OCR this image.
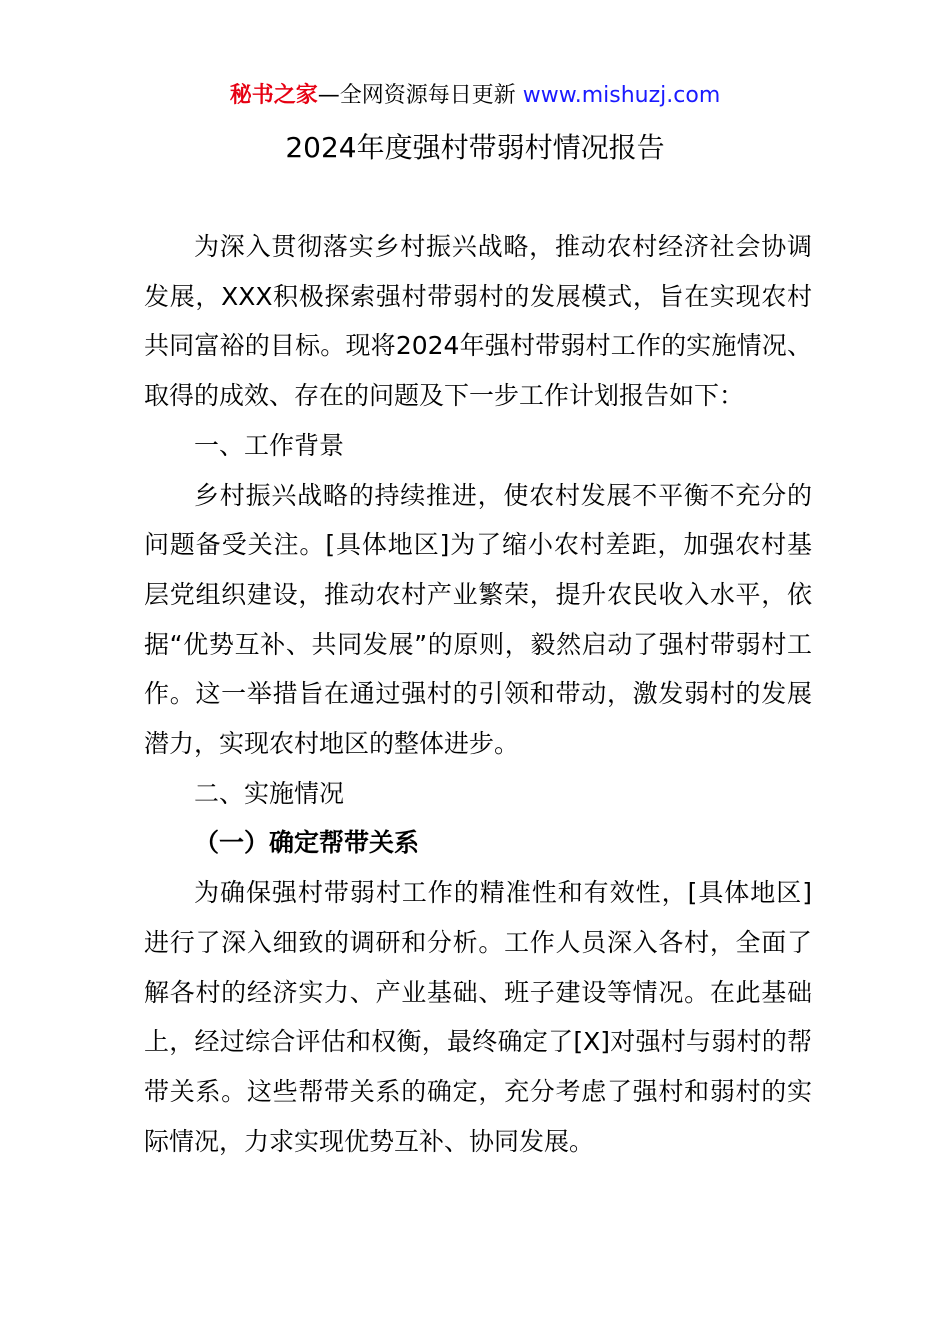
秘书之家—全网资源每日更新 www.mishuzj.com
2024年度强村带弱村情况报告

为深入贯彻落实乡村振兴战略，推动农村经济社会协调发展，XXX积极探索强村带弱村的发展模式，旨在实现农村共同富裕的目标。现将2024年强村带弱村工作的实施情况、取得的成效、存在的问题及下一步工作计划报告如下：

一、工作背景

乡村振兴战略的持续推进，使农村发展不平衡不充分的问题备受关注。[具体地区]为了缩小农村差距，加强农村基层党组织建设，推动农村产业繁荣，提升农民收入水平，依据“优势互补、共同发展”的原则，毅然启动了强村带弱村工作。这一举措旨在通过强村的引领和带动，激发弱村的发展潜力，实现农村地区的整体进步。

二、实施情况

（一）确定帮带关系

为确保强村带弱村工作的精准性和有效性，[具体地区]进行了深入细致的调研和分析。工作人员深入各村，全面了解各村的经济实力、产业基础、班子建设等情况。在此基础上，经过综合评估和权衡，最终确定了[X]对强村与弱村的帮带关系。这些帮带关系的确定，充分考虑了强村和弱村的实际情况，力求实现优势互补、协同发展。
